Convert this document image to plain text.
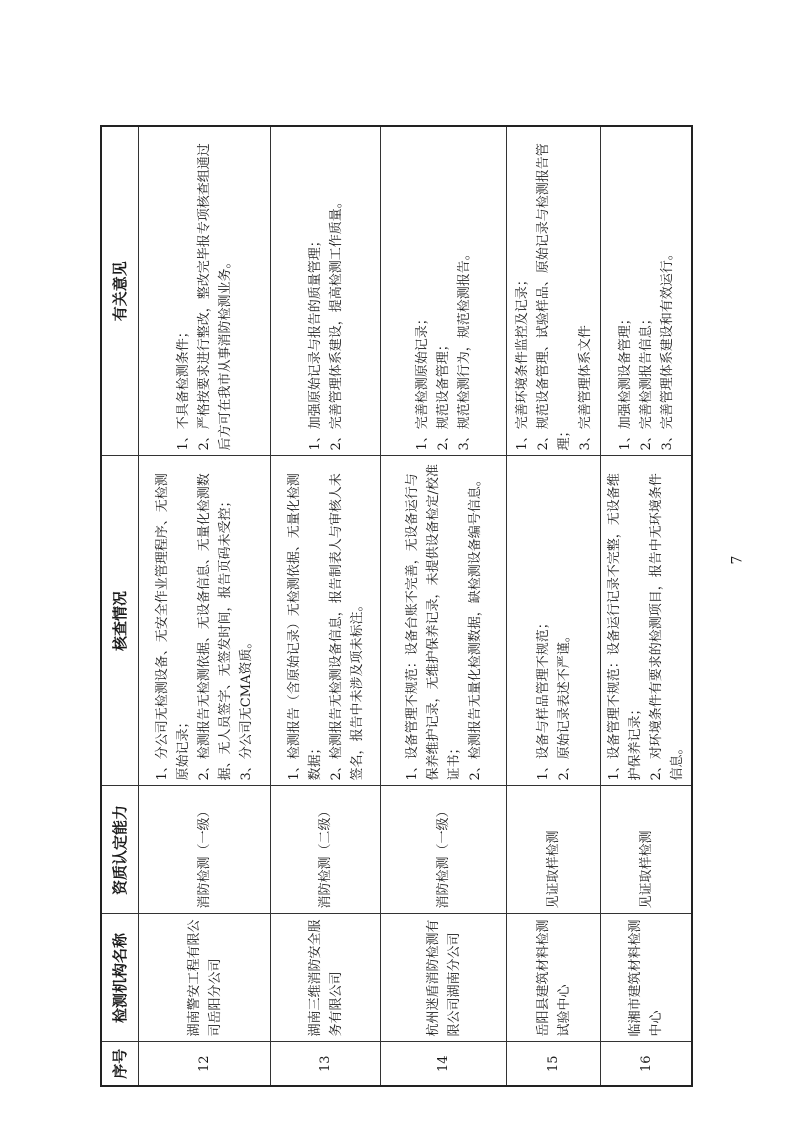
序号	检测机构名称	资质认定能力	核查情况	有关意见
12	湖南警安工程有限公司岳阳分公司	消防检测（一级）	1、分公司无检测设备、无安全作业管理程序、无检测原始记录； 2、检测报告无检测依据、无设备信息、无量化检测数据、无人员签字、无签发时间，报告页码未受控； 3、分公司无CMA资质。	1、不具备检测条件； 2、严格按要求进行整改，整改完毕报专项核查组通过后方可在我市从事消防检测业务。

13	湖南三维消防安全服务有限公司	消防检测（二级）	1、检测报告（含原始记录）无检测依据、无量化检测数据； 2、检测报告无检测设备信息，报告制表人与审核人未签名，报告中未涉及项未标注。	1、加强原始记录与报告的质量管理； 2、完善管理体系建设，提高检测工作质量。

14	杭州迷盾消防检测有限公司湖南分公司	消防检测（一级）	1、设备管理不规范：设备台账不完善，无设备运行与保养维护记录，无维护保养记录，未提供设备检定/校准证书； 2、检测报告无量化检测数据，缺检测设备编号信息。	1、完善检测原始记录； 2、规范设备管理； 3、规范检测行为，规范检测报告。

15	岳阳县建筑材料检测试验中心	见证取样检测	1、设备与样品管理不规范； 2、原始记录表述不严谨。	1、完善环境条件监控及记录； 2、规范设备管理、试验样品、原始记录与检测报告管理； 3、完善管理体系文件

16	临湘市建筑材料检测中心	见证取样检测	1、设备管理不规范：设备运行记录不完整，无设备维护保养记录； 2、对环境条件有要求的检测项目，报告中无环境条件信息。	1、加强检测设备管理； 2、完善检测报告信息； 3、完善管理体系建设和有效运行。
7
